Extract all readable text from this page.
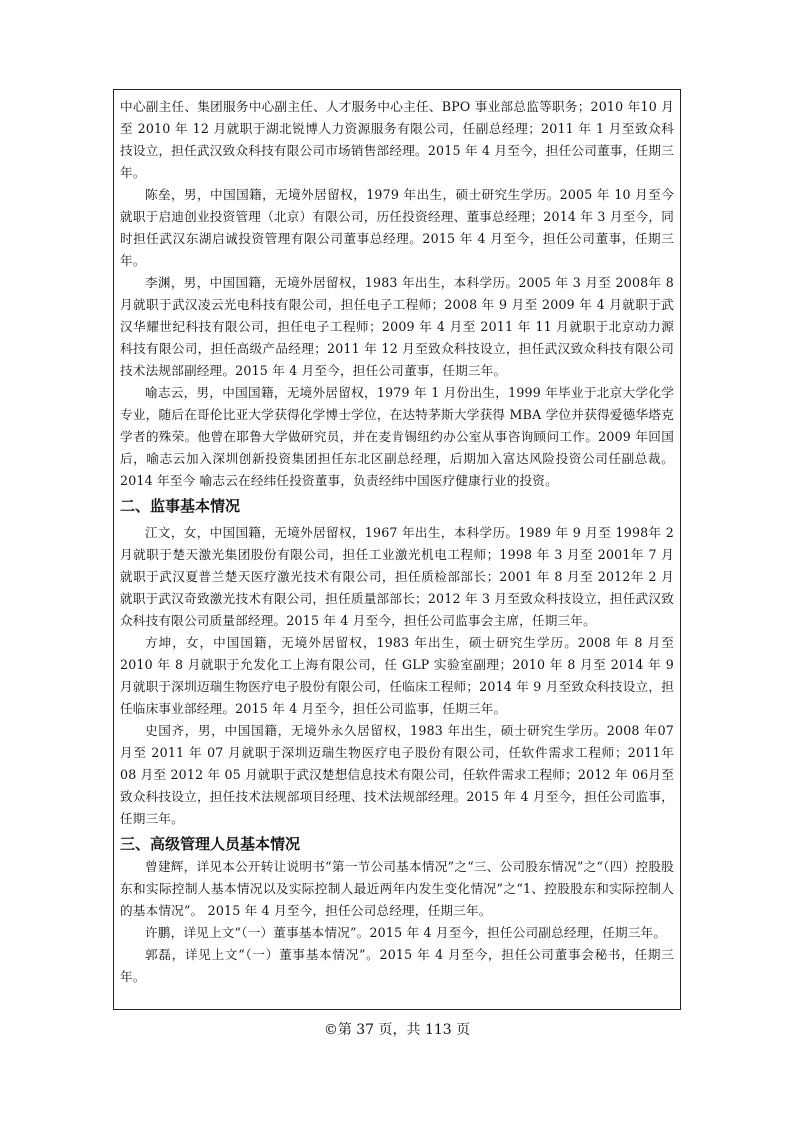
中心副主任、集团服务中心副主任、人才服务中心主任、BPO 事业部总监等职务；2010 年10 月至 2010 年 12 月就职于湖北锐博人力资源服务有限公司，任副总经理；2011 年 1 月至致众科技设立，担任武汉致众科技有限公司市场销售部经理。2015 年 4 月至今，担任公司董事，任期三年。

陈垒，男，中国国籍，无境外居留权，1979 年出生，硕士研究生学历。2005 年 10 月至今就职于启迪创业投资管理（北京）有限公司，历任投资经理、董事总经理；2014 年 3 月至今，同时担任武汉东湖启诚投资管理有限公司董事总经理。2015 年 4 月至今，担任公司董事，任期三年。

李渊，男，中国国籍，无境外居留权，1983 年出生，本科学历。2005 年 3 月至 2008年 8 月就职于武汉凌云光电科技有限公司，担任电子工程师；2008 年 9 月至 2009 年 4 月就职于武汉华耀世纪科技有限公司，担任电子工程师；2009 年 4 月至 2011 年 11 月就职于北京动力源科技有限公司，担任高级产品经理；2011 年 12 月至致众科技设立，担任武汉致众科技有限公司技术法规部副经理。2015 年 4 月至今，担任公司董事，任期三年。

喻志云，男，中国国籍，无境外居留权，1979 年 1 月份出生，1999 年毕业于北京大学化学专业，随后在哥伦比亚大学获得化学博士学位，在达特茅斯大学获得 MBA 学位并获得爱德华塔克学者的殊荣。他曾在耶鲁大学做研究员，并在麦肯锡纽约办公室从事咨询顾问工作。2009 年回国后，喻志云加入深圳创新投资集团担任东北区副总经理，后期加入富达风险投资公司任副总裁。2014 年至今 喻志云在经纬任投资董事，负责经纬中国医疗健康行业的投资。

二、监事基本情况

江文，女，中国国籍，无境外居留权，1967 年出生，本科学历。1989 年 9 月至 1998年 2 月就职于楚天激光集团股份有限公司，担任工业激光机电工程师；1998 年 3 月至 2001年 7 月就职于武汉夏普兰楚天医疗激光技术有限公司，担任质检部部长；2001 年 8 月至 2012年 2 月就职于武汉奇致激光技术有限公司，担任质量部部长；2012 年 3 月至致众科技设立，担任武汉致众科技有限公司质量部经理。2015 年 4 月至今，担任公司监事会主席，任期三年。

方坤，女，中国国籍，无境外居留权，1983 年出生，硕士研究生学历。2008 年 8 月至2010 年 8 月就职于允发化工上海有限公司，任 GLP 实验室副理；2010 年 8 月至 2014 年 9月就职于深圳迈瑞生物医疗电子股份有限公司，任临床工程师；2014 年 9 月至致众科技设立，担任临床事业部经理。2015 年 4 月至今，担任公司监事，任期三年。

史国齐，男，中国国籍，无境外永久居留权，1983 年出生，硕士研究生学历。2008 年07 月至 2011 年 07 月就职于深圳迈瑞生物医疗电子股份有限公司，任软件需求工程师；2011年 08 月至 2012 年 05 月就职于武汉楚想信息技术有限公司，任软件需求工程师；2012 年 06月至致众科技设立，担任技术法规部项目经理、技术法规部经理。2015 年 4 月至今，担任公司监事，任期三年。

三、高级管理人员基本情况

曾建辉，详见本公开转让说明书“第一节公司基本情况”之“三、公司股东情况”之“（四）控股股东和实际控制人基本情况以及实际控制人最近两年内发生变化情况”之“1、控股股东和实际控制人的基本情况”。 2015 年 4 月至今，担任公司总经理，任期三年。

许鹏，详见上文“（一）董事基本情况”。2015 年 4 月至今，担任公司副总经理，任期三年。

郭磊，详见上文“（一）董事基本情况”。2015 年 4 月至今，担任公司董事会秘书，任期三年。

©第 37 页，共 113 页
